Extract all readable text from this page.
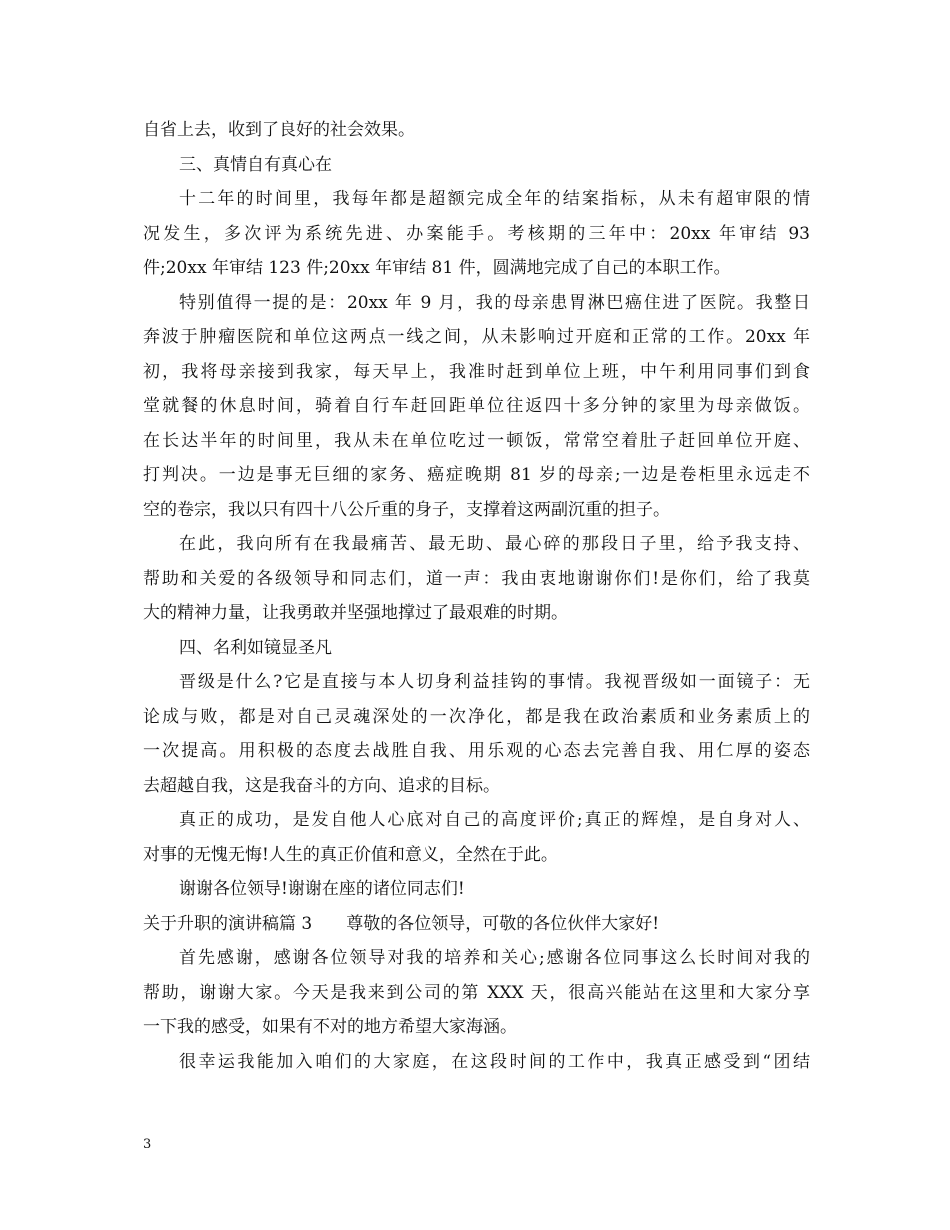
自省上去，收到了良好的社会效果。
三、真情自有真心在
十二年的时间里，我每年都是超额完成全年的结案指标，从未有超审限的情
况发生，多次评为系统先进、办案能手。考核期的三年中：20xx 年审结 93
件;20xx 年审结 123 件;20xx 年审结 81 件，圆满地完成了自己的本职工作。
特别值得一提的是：20xx 年 9 月，我的母亲患胃淋巴癌住进了医院。我整日
奔波于肿瘤医院和单位这两点一线之间，从未影响过开庭和正常的工作。20xx 年
初，我将母亲接到我家，每天早上，我准时赶到单位上班，中午利用同事们到食
堂就餐的休息时间，骑着自行车赶回距单位往返四十多分钟的家里为母亲做饭。
在长达半年的时间里，我从未在单位吃过一顿饭，常常空着肚子赶回单位开庭、
打判决。一边是事无巨细的家务、癌症晚期 81 岁的母亲;一边是卷柜里永远走不
空的卷宗，我以只有四十八公斤重的身子，支撑着这两副沉重的担子。
在此，我向所有在我最痛苦、最无助、最心碎的那段日子里，给予我支持、
帮助和关爱的各级领导和同志们，道一声：我由衷地谢谢你们!是你们，给了我莫
大的精神力量，让我勇敢并坚强地撑过了最艰难的时期。
四、名利如镜显圣凡
晋级是什么?它是直接与本人切身利益挂钩的事情。我视晋级如一面镜子：无
论成与败，都是对自己灵魂深处的一次净化，都是我在政治素质和业务素质上的
一次提高。用积极的态度去战胜自我、用乐观的心态去完善自我、用仁厚的姿态
去超越自我，这是我奋斗的方向、追求的目标。
真正的成功，是发自他人心底对自己的高度评价;真正的辉煌，是自身对人、
对事的无愧无悔!人生的真正价值和意义，全然在于此。
谢谢各位领导!谢谢在座的诸位同志们!
关于升职的演讲稿篇 3　　尊敬的各位领导，可敬的各位伙伴大家好!
首先感谢，感谢各位领导对我的培养和关心;感谢各位同事这么长时间对我的
帮助，谢谢大家。今天是我来到公司的第 XXX 天，很高兴能站在这里和大家分享
一下我的感受，如果有不对的地方希望大家海涵。
很幸运我能加入咱们的大家庭，在这段时间的工作中，我真正感受到“团结
3
